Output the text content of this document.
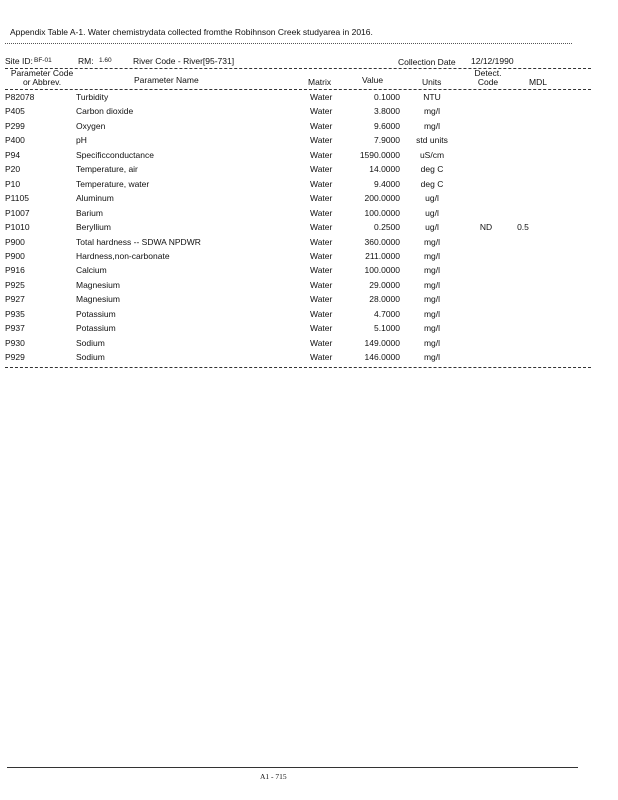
Appendix Table A-1. Water chemistrydata collected fromthe Robihnson Creek studyarea in 2016.
Site ID: BF-01	RM: 1.60	River Code - River[95-731]	Collection Date 12/12/1990
Parameter Code
or Abbrev.	Parameter Name	Matrix	Value	Units
Detect.
Code	MDL
P82078	Turbidity	Water	0.1000	NTU
P405	Carbon dioxide	Water	3.8000	mg/l
P299	Oxygen	Water	9.6000	mg/l
P400	pH	Water	7.9000	std units
P94	Specificconductance	Water	1590.0000	uS/cm
P20	Temperature, air	Water	14.0000	deg C
P10	Temperature, water	Water	9.4000	deg C
P1105	Aluminum	Water	200.0000	ug/l
P1007	Barium	Water	100.0000	ug/l
P1010	Beryllium	Water	0.2500	ug/l	ND	0.5
P900	Total hardness -- SDWA NPDWR	Water	360.0000	mg/l
P900	Hardness,non-carbonate	Water	211.0000	mg/l
P916	Calcium	Water	100.0000	mg/l
P925	Magnesium	Water	29.0000	mg/l
P927	Magnesium	Water	28.0000	mg/l
P935	Potassium	Water	4.7000	mg/l
P937	Potassium	Water	5.1000	mg/l
P930	Sodium	Water	149.0000	mg/l
P929	Sodium	Water	146.0000	mg/l
A1 - 715
